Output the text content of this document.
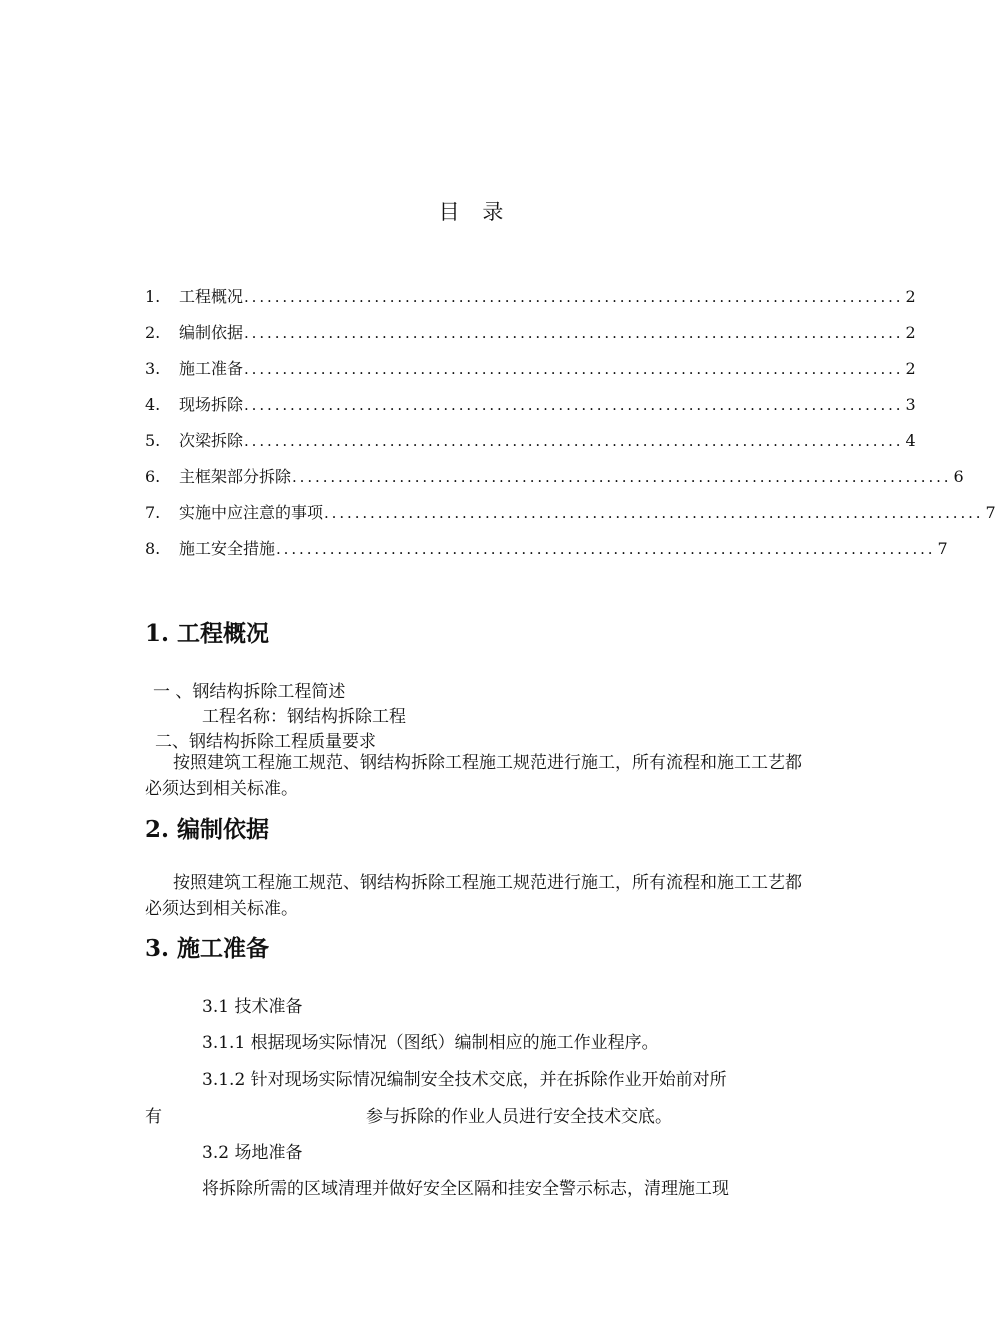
目 录
1.	工程概况 ...................................................................................... 2
2.	编制依据 ...................................................................................... 2
3.	施工准备 ...................................................................................... 2
4.	现场拆除 ...................................................................................... 3
5.	次梁拆除 ...................................................................................... 4
6.	主框架部分拆除 ...................................................................................... 6
7.	实施中应注意的事项 ...................................................................................... 7
8.	施工安全措施 ...................................................................................... 7
1. 工程概况
一 、钢结构拆除工程简述
工程名称：钢结构拆除工程
二、钢结构拆除工程质量要求
按照建筑工程施工规范、钢结构拆除工程施工规范进行施工，所有流程和施工工艺都必须达到相关标准。
2. 编制依据
按照建筑工程施工规范、钢结构拆除工程施工规范进行施工，所有流程和施工工艺都必须达到相关标准。
3. 施工准备
3.1 技术准备
3.1.1 根据现场实际情况（图纸）编制相应的施工作业程序。
3.1.2 针对现场实际情况编制安全技术交底，并在拆除作业开始前对所
有	参与拆除的作业人员进行安全技术交底。
3.2 场地准备
将拆除所需的区域清理并做好安全区隔和挂安全警示标志，清理施工现
